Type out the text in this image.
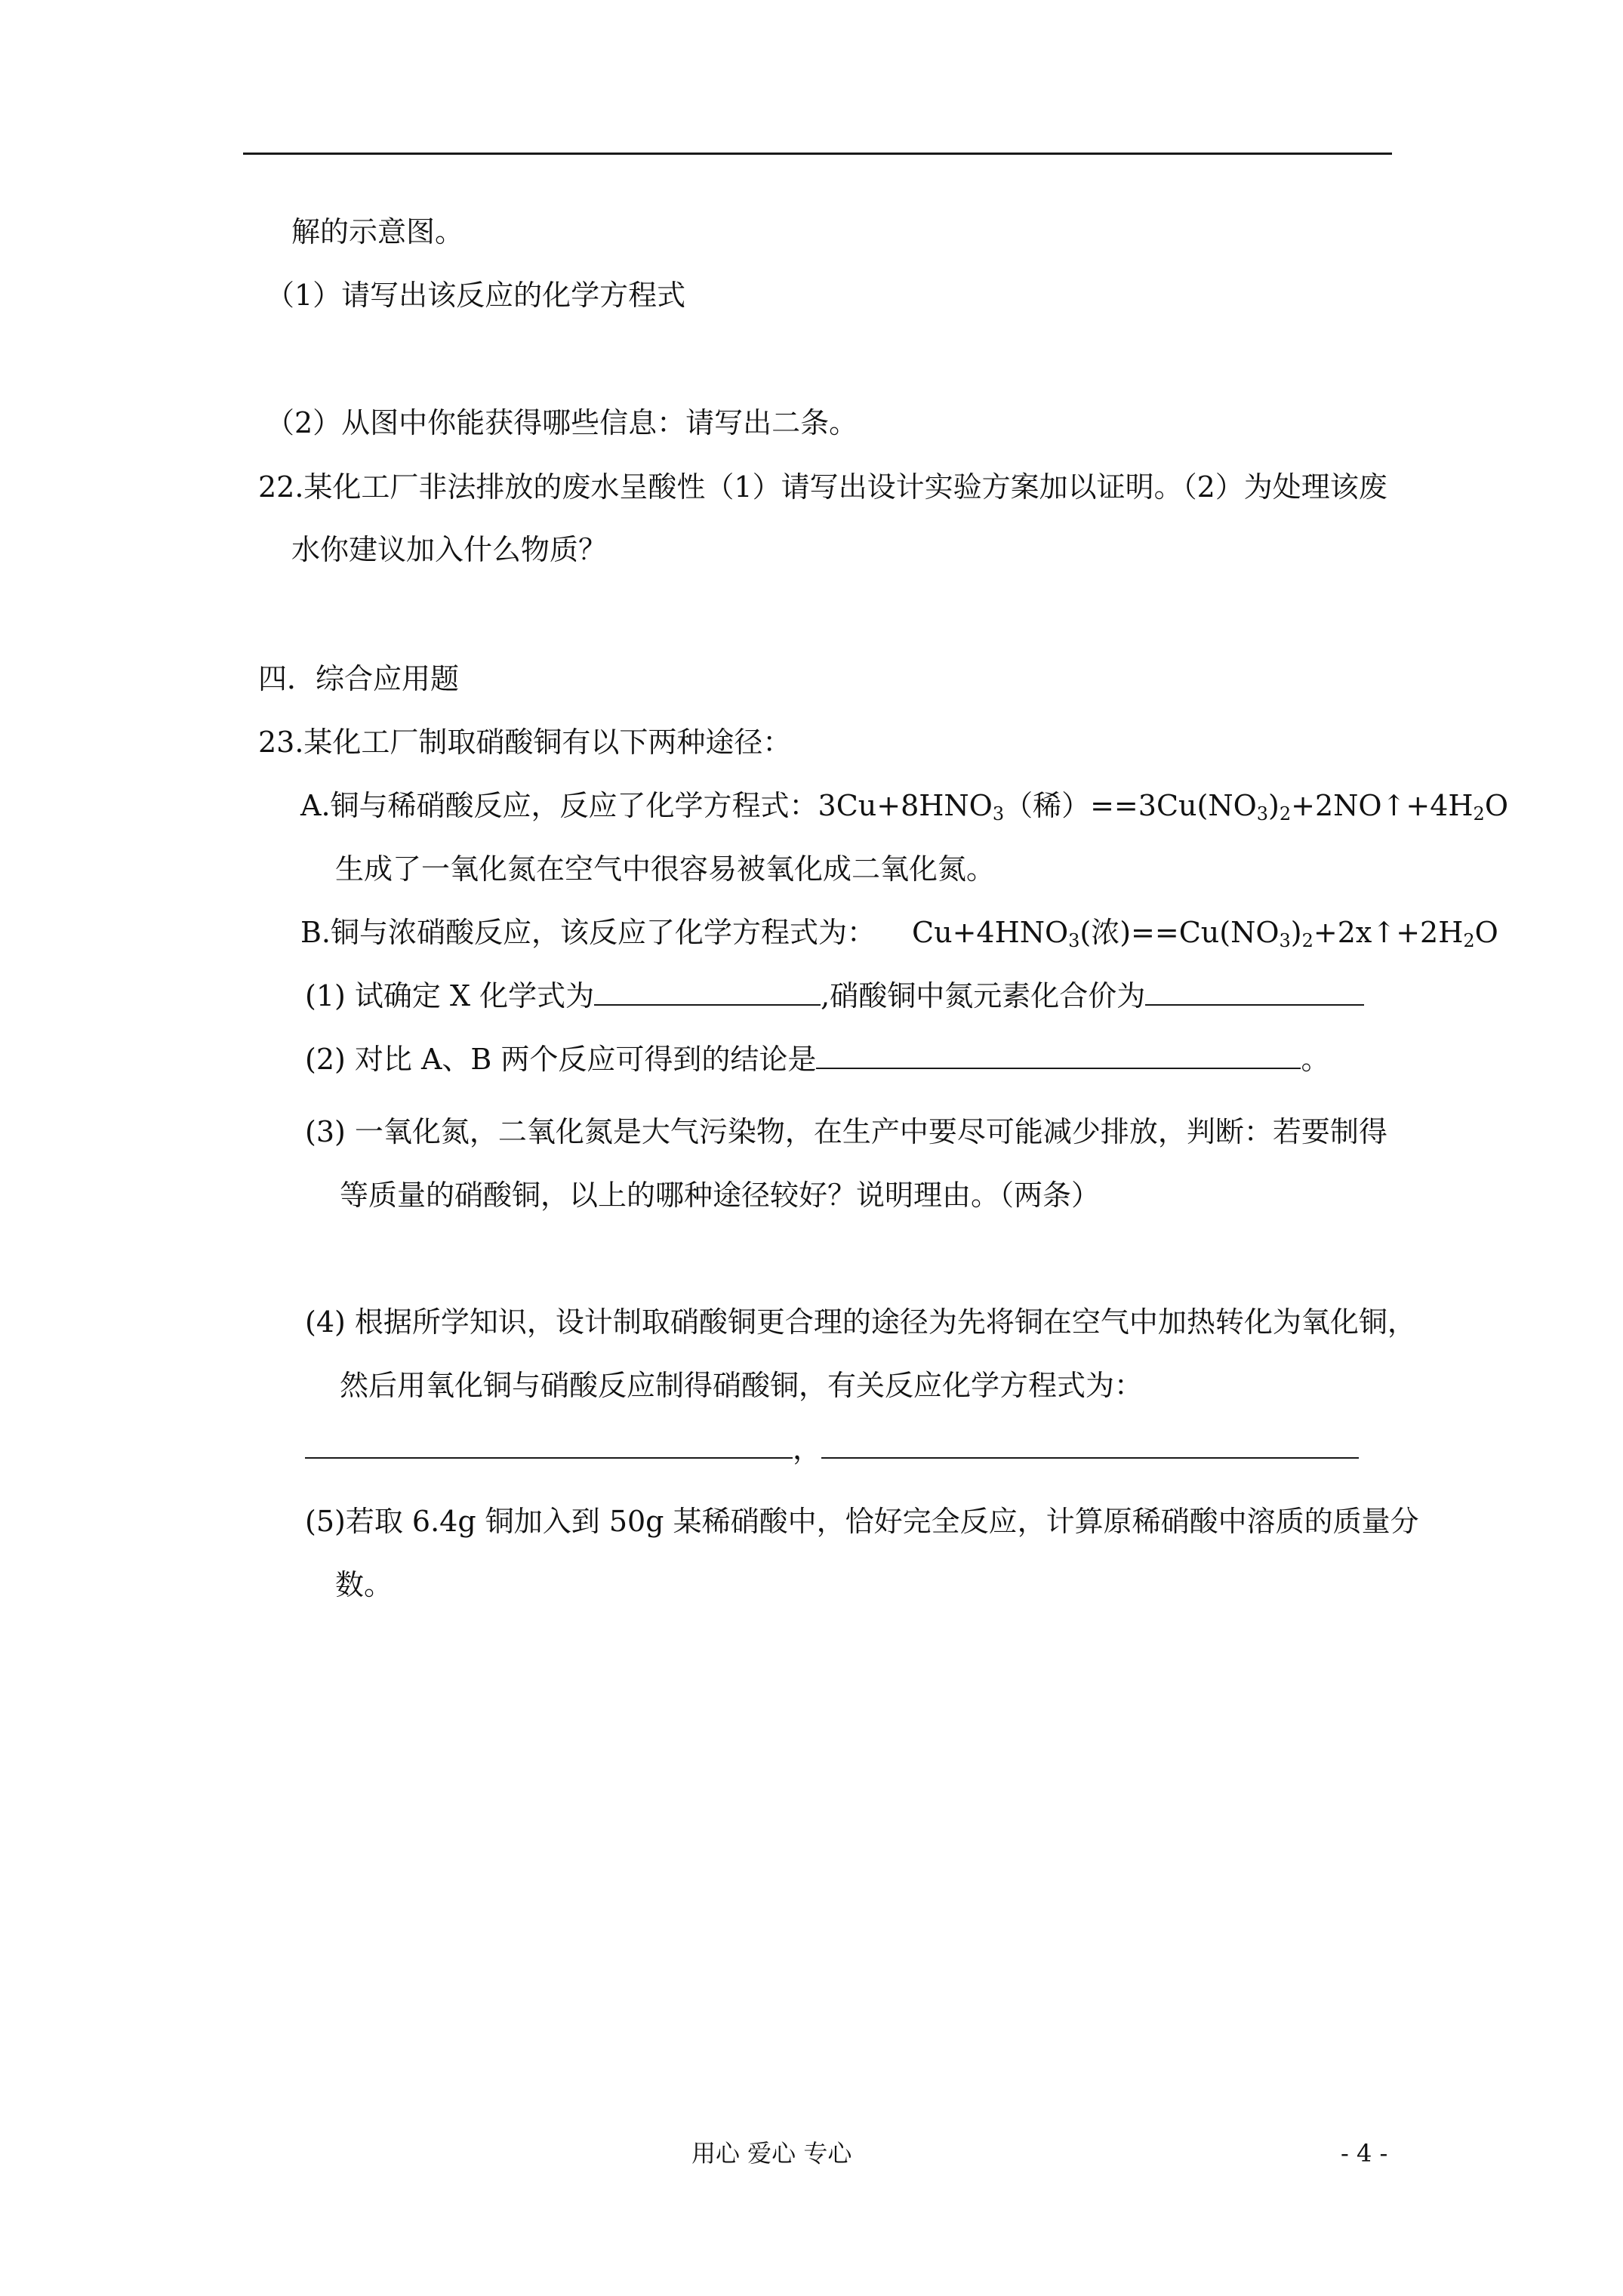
解的示意图。
（1）请写出该反应的化学方程式
（2）从图中你能获得哪些信息：请写出二条。
22.某化工厂非法排放的废水呈酸性（1）请写出设计实验方案加以证明。（2）为处理该废
水你建议加入什么物质？
四．综合应用题
23.某化工厂制取硝酸铜有以下两种途径：
A.铜与稀硝酸反应，反应了化学方程式：$3Cu+8HNO_3$（稀）$==3Cu(NO_3)_2+2NO↑+4H_2O$
生成了一氧化氮在空气中很容易被氧化成二氧化氮。
B.铜与浓硝酸反应，该反应了化学方程式为： $Cu+4HNO_3$(浓)$==Cu(NO_3)_2+2x↑+2H_2O$
(1) 试确定 X 化学式为	,硝酸铜中氮元素化合价为
(2) 对比 A、B 两个反应可得到的结论是	。
(3) 一氧化氮，二氧化氮是大气污染物，在生产中要尽可能减少排放，判断：若要制得
等质量的硝酸铜，以上的哪种途径较好？说明理由。（两条）
(4) 根据所学知识，设计制取硝酸铜更合理的途径为先将铜在空气中加热转化为氧化铜，
然后用氧化铜与硝酸反应制得硝酸铜，有关反应化学方程式为：
，
(5)若取 6.4g 铜加入到 50g 某稀硝酸中，恰好完全反应，计算原稀硝酸中溶质的质量分
数。
用心 爱心 专心	- 4 -
